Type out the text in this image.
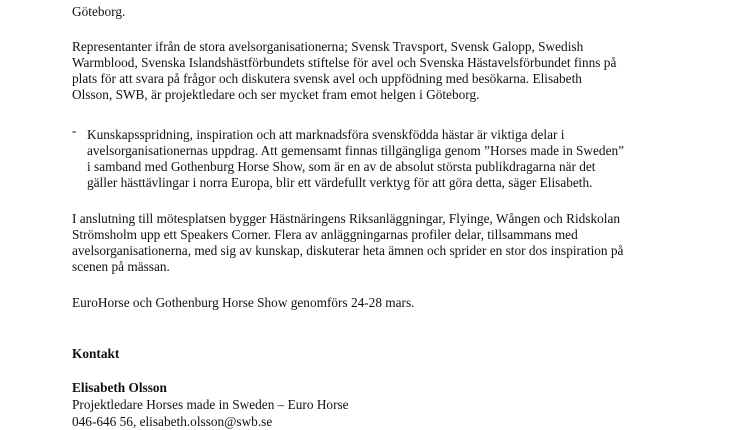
Göteborg.

Representanter ifrån de stora avelsorganisationerna; Svensk Travsport, Svensk Galopp, Swedish
Warmblood, Svenska Islandshästförbundets stiftelse för avel och Svenska Hästavelsförbundet finns på
plats för att svara på frågor och diskutera svensk avel och uppfödning med besökarna. Elisabeth
Olsson, SWB, är projektledare och ser mycket fram emot helgen i Göteborg.

- Kunskapsspridning, inspiration och att marknadsföra svenskfödda hästar är viktiga delar i
avelsorganisationernas uppdrag. Att gemensamt finnas tillgängliga genom ”Horses made in Sweden”
i samband med Gothenburg Horse Show, som är en av de absolut största publikdragarna när det
gäller hästtävlingar i norra Europa, blir ett värdefullt verktyg för att göra detta, säger Elisabeth.

I anslutning till mötesplatsen bygger Hästnäringens Riksanläggningar, Flyinge, Wången och Ridskolan
Strömsholm upp ett Speakers Corner. Flera av anläggningarnas profiler delar, tillsammans med
avelsorganisationerna, med sig av kunskap, diskuterar heta ämnen och sprider en stor dos inspiration på
scenen på mässan.

EuroHorse och Gothenburg Horse Show genomförs 24-28 mars.

Kontakt
Elisabeth Olsson
Projektledare Horses made in Sweden – Euro Horse
046-646 56, elisabeth.olsson@swb.se
